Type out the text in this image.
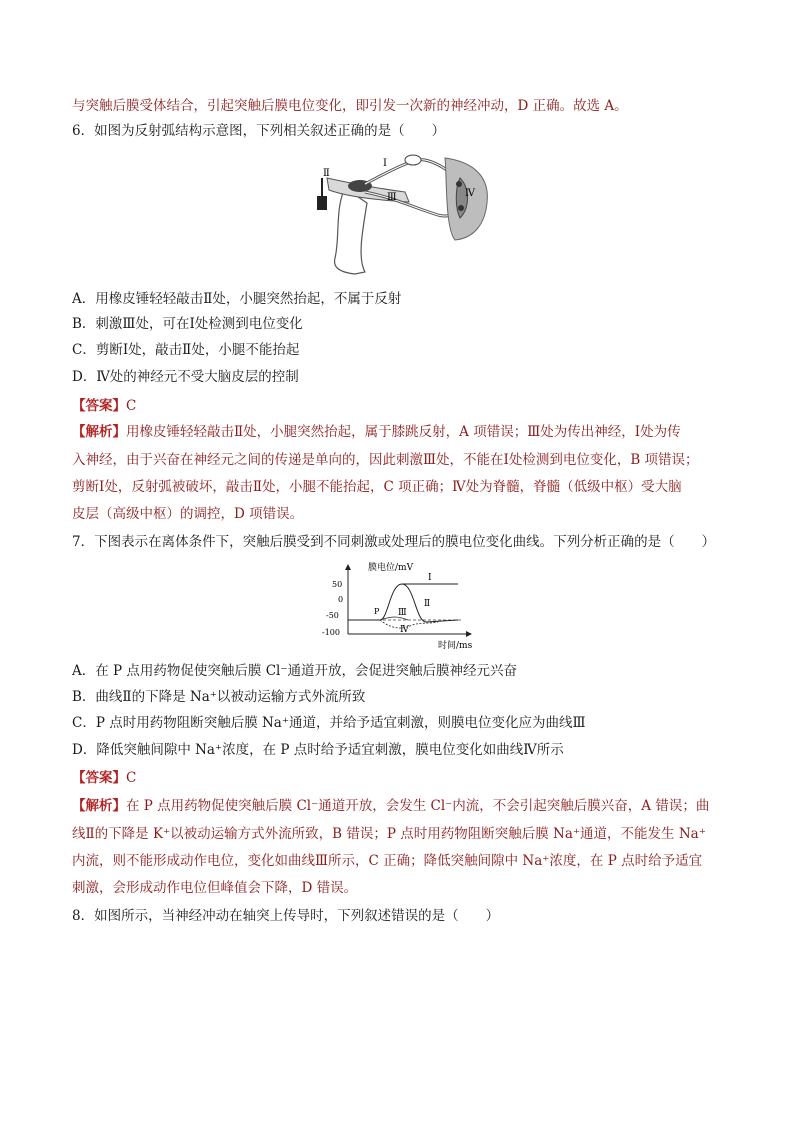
与突触后膜受体结合，引起突触后膜电位变化，即引发一次新的神经冲动，D 正确。故选 A。
6．如图为反射弧结构示意图，下列相关叙述正确的是（　　）
Ⅰ
Ⅱ
Ⅲ	Ⅳ
A．用橡皮锤轻轻敲击Ⅱ处，小腿突然抬起，不属于反射
B．刺激Ⅲ处，可在Ⅰ处检测到电位变化
C．剪断Ⅰ处，敲击Ⅱ处，小腿不能抬起
D．Ⅳ处的神经元不受大脑皮层的控制
【答案】C
【解析】用橡皮锤轻轻敲击Ⅱ处，小腿突然抬起，属于膝跳反射，A 项错误；Ⅲ处为传出神经，Ⅰ处为传
入神经，由于兴奋在神经元之间的传递是单向的，因此刺激Ⅲ处，不能在Ⅰ处检测到电位变化，B 项错误；
剪断Ⅰ处，反射弧被破坏，敲击Ⅱ处，小腿不能抬起，C 项正确；Ⅳ处为脊髓，脊髓（低级中枢）受大脑
皮层（高级中枢）的调控，D 项错误。
7．下图表示在离体条件下，突触后膜受到不同刺激或处理后的膜电位变化曲线。下列分析正确的是（　　）
膜电位/mV
时间/ms
50
0
-50
-100
P
Ⅰ
Ⅱ
Ⅲ
Ⅳ
A．在 P 点用药物促使突触后膜 Cl⁻通道开放，会促进突触后膜神经元兴奋
B．曲线Ⅱ的下降是 Na⁺以被动运输方式外流所致
C．P 点时用药物阻断突触后膜 Na⁺通道，并给予适宜刺激，则膜电位变化应为曲线Ⅲ
D．降低突触间隙中 Na⁺浓度，在 P 点时给予适宜刺激，膜电位变化如曲线Ⅳ所示
【答案】C
【解析】在 P 点用药物促使突触后膜 Cl⁻通道开放，会发生 Cl⁻内流，不会引起突触后膜兴奋，A 错误；曲
线Ⅱ的下降是 K⁺以被动运输方式外流所致，B 错误；P 点时用药物阻断突触后膜 Na⁺通道，不能发生 Na⁺
内流，则不能形成动作电位，变化如曲线Ⅲ所示，C 正确；降低突触间隙中 Na⁺浓度，在 P 点时给予适宜
刺激，会形成动作电位但峰值会下降，D 错误。
8．如图所示，当神经冲动在轴突上传导时，下列叙述错误的是（　　）
